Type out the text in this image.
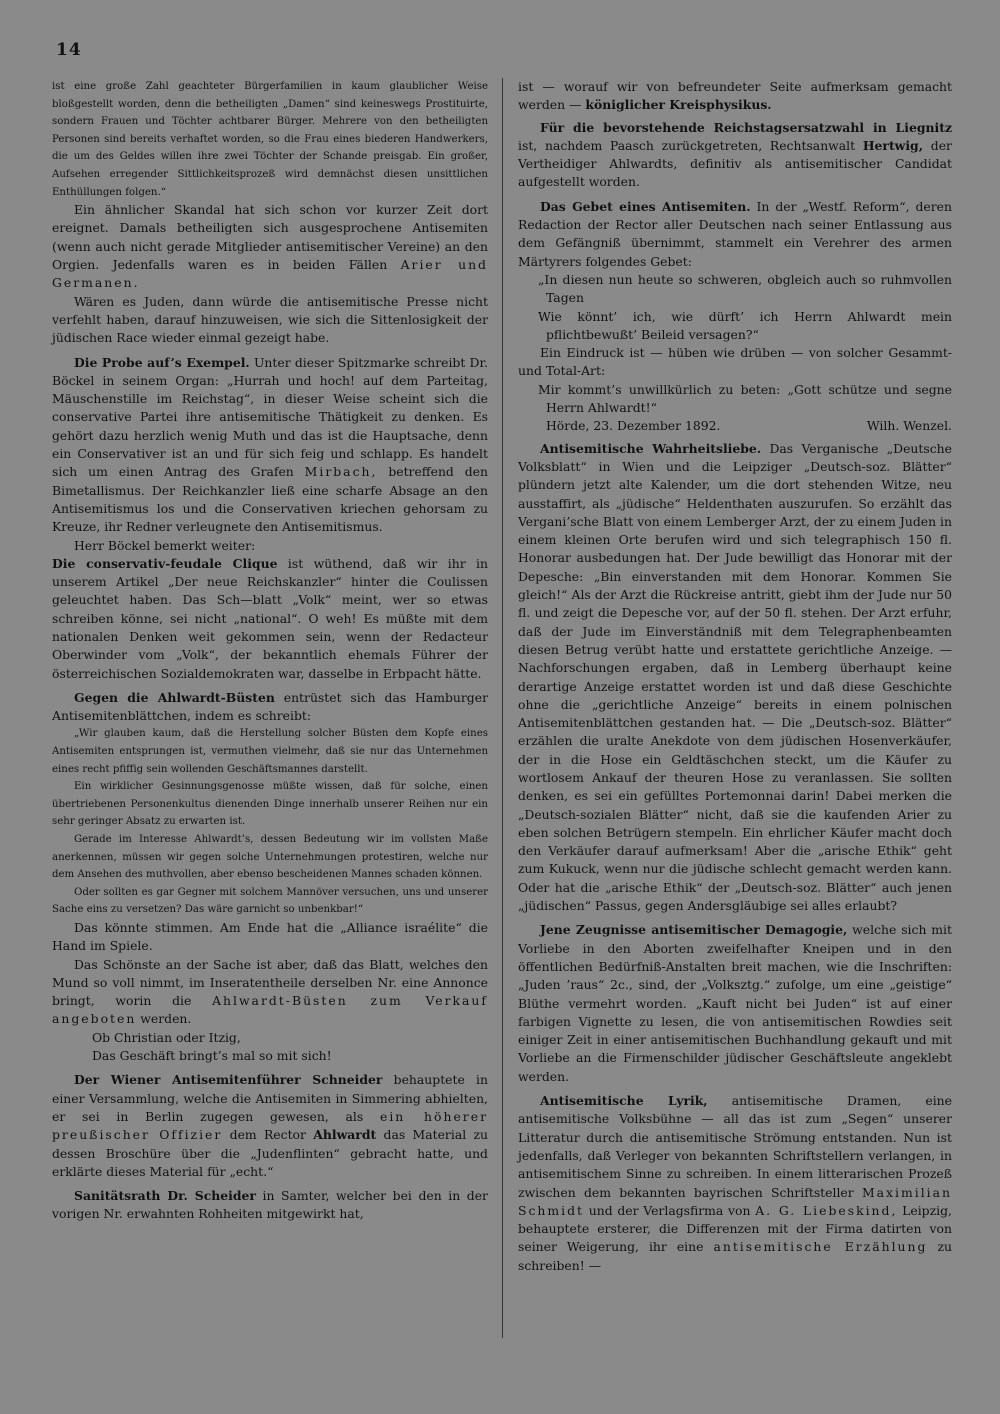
14

ist eine große Zahl geachteter Bürgerfamilien in kaum glaublicher Weise bloßgestellt worden, denn die betheiligten „Damen“ sind keineswegs Prostituirte, sondern Frauen und Töchter achtbarer Bürger. Mehrere von den betheiligten Personen sind bereits verhaftet worden, so die Frau eines biederen Handwerkers, die um des Geldes willen ihre zwei Töchter der Schande preisgab. Ein großer, Aufsehen erregender Sittlichkeitsprozeß wird demnächst diesen unsittlichen Enthüllungen folgen.“

Ein ähnlicher Skandal hat sich schon vor kurzer Zeit dort ereignet. Damals betheiligten sich ausgesprochene Antisemiten (wenn auch nicht gerade Mitglieder antisemitischer Vereine) an den Orgien. Jedenfalls waren es in beiden Fällen Arier und Germanen.

Wären es Juden, dann würde die antisemitische Presse nicht verfehlt haben, darauf hinzuweisen, wie sich die Sittenlosigkeit der jüdischen Race wieder einmal gezeigt habe.

Die Probe auf’s Exempel. Unter dieser Spitzmarke schreibt Dr. Böckel in seinem Organ: „Hurrah und hoch! auf dem Parteitag, Mäuschenstille im Reichstag“, in dieser Weise scheint sich die conservative Partei ihre antisemitische Thätigkeit zu denken. Es gehört dazu herzlich wenig Muth und das ist die Hauptsache, denn ein Conservativer ist an und für sich feig und schlapp. Es handelt sich um einen Antrag des Grafen Mirbach, betreffend den Bimetallismus. Der Reichkanzler ließ eine scharfe Absage an den Antisemitismus los und die Conservativen kriechen gehorsam zu Kreuze, ihr Redner verleugnete den Antisemitismus.

Herr Böckel bemerkt weiter:

Die conservativ-feudale Clique ist wüthend, daß wir ihr in unserem Artikel „Der neue Reichskanzler“ hinter die Coulissen geleuchtet haben. Das Sch—blatt „Volk“ meint, wer so etwas schreiben könne, sei nicht „national“. O weh! Es müßte mit dem nationalen Denken weit gekommen sein, wenn der Redacteur Oberwinder vom „Volk“, der bekanntlich ehemals Führer der österreichischen Sozialdemokraten war, dasselbe in Erbpacht hätte.

Gegen die Ahlwardt-Büsten entrüstet sich das Hamburger Antisemitenblättchen, indem es schreibt:

„Wir glauben kaum, daß die Herstellung solcher Büsten dem Kopfe eines Antisemiten entsprungen ist, vermuthen vielmehr, daß sie nur das Unternehmen eines recht pfiffig sein wollenden Geschäftsmannes darstellt.

Ein wirklicher Gesinnungsgenosse müßte wissen, daß für solche, einen übertriebenen Personenkultus dienenden Dinge innerhalb unserer Reihen nur ein sehr geringer Absatz zu erwarten ist.

Gerade im Interesse Ahlwardt’s, dessen Bedeutung wir im vollsten Maße anerkennen, müssen wir gegen solche Unternehmungen protestiren, welche nur dem Ansehen des muthvollen, aber ebenso bescheidenen Mannes schaden können.

Oder sollten es gar Gegner mit solchem Mannöver versuchen, uns und unserer Sache eins zu versetzen? Das wäre garnicht so unbenkbar!“

Das könnte stimmen. Am Ende hat die „Alliance israélite“ die Hand im Spiele.

Das Schönste an der Sache ist aber, daß das Blatt, welches den Mund so voll nimmt, im Inseratentheile derselben Nr. eine Annonce bringt, worin die Ahlwardt-Büsten zum Verkauf angeboten werden.

Ob Christian oder Itzig,

Das Geschäft bringt’s mal so mit sich!

Der Wiener Antisemitenführer Schneider behauptete in einer Versammlung, welche die Antisemiten in Simmering abhielten, er sei in Berlin zugegen gewesen, als ein höherer preußischer Offizier dem Rector Ahlwardt das Material zu dessen Broschüre über die „Judenflinten“ gebracht hatte, und erklärte dieses Material für „echt.“

Sanitätsrath Dr. Scheider in Samter, welcher bei den in der vorigen Nr. erwahnten Rohheiten mitgewirkt hat,

ist — worauf wir von befreundeter Seite aufmerksam gemacht werden — königlicher Kreisphysikus.

Für die bevorstehende Reichstagsersatzwahl in Liegnitz ist, nachdem Paasch zurückgetreten, Rechtsanwalt Hertwig, der Vertheidiger Ahlwardts, definitiv als antisemitischer Candidat aufgestellt worden.

Das Gebet eines Antisemiten. In der „Westf. Reform“, deren Redaction der Rector aller Deutschen nach seiner Entlassung aus dem Gefängniß übernimmt, stammelt ein Verehrer des armen Märtyrers folgendes Gebet:

„In diesen nun heute so schweren, obgleich auch so ruhmvollen Tagen

Wie könnt’ ich, wie dürft’ ich Herrn Ahlwardt mein pflichtbewußt’ Beileid versagen?“

Ein Eindruck ist — hüben wie drüben — von solcher Gesammt- und Total-Art:

Mir kommt’s unwillkürlich zu beten: „Gott schütze und segne Herrn Ahlwardt!“

Hörde, 23. Dezember 1892.	Wilh. Wenzel.

Antisemitische Wahrheitsliebe. Das Verganische „Deutsche Volksblatt“ in Wien und die Leipziger „Deutsch-soz. Blätter“ plündern jetzt alte Kalender, um die dort stehenden Witze, neu ausstaffirt, als „jüdische“ Heldenthaten auszurufen. So erzählt das Vergani’sche Blatt von einem Lemberger Arzt, der zu einem Juden in einem kleinen Orte berufen wird und sich telegraphisch 150 fl. Honorar ausbedungen hat. Der Jude bewilligt das Honorar mit der Depesche: „Bin einverstanden mit dem Honorar. Kommen Sie gleich!“ Als der Arzt die Rückreise antritt, giebt ihm der Jude nur 50 fl. und zeigt die Depesche vor, auf der 50 fl. stehen. Der Arzt erfuhr, daß der Jude im Einverständniß mit dem Telegraphenbeamten diesen Betrug verübt hatte und erstattete gerichtliche Anzeige. — Nachforschungen ergaben, daß in Lemberg überhaupt keine derartige Anzeige erstattet worden ist und daß diese Geschichte ohne die „gerichtliche Anzeige“ bereits in einem polnischen Antisemitenblättchen gestanden hat. — Die „Deutsch-soz. Blätter“ erzählen die uralte Anekdote von dem jüdischen Hosenverkäufer, der in die Hose ein Geldtäschchen steckt, um die Käufer zu wortlosem Ankauf der theuren Hose zu veranlassen. Sie sollten denken, es sei ein gefülltes Portemonnai darin! Dabei merken die „Deutsch-sozialen Blätter“ nicht, daß sie die kaufenden Arier zu eben solchen Betrügern stempeln. Ein ehrlicher Käufer macht doch den Verkäufer darauf aufmerksam! Aber die „arische Ethik“ geht zum Kukuck, wenn nur die jüdische schlecht gemacht werden kann. Oder hat die „arische Ethik“ der „Deutsch-soz. Blätter“ auch jenen „jüdischen“ Passus, gegen Andersgläubige sei alles erlaubt?

Jene Zeugnisse antisemitischer Demagogie, welche sich mit Vorliebe in den Aborten zweifelhafter Kneipen und in den öffentlichen Bedürfniß-Anstalten breit machen, wie die Inschriften: „Juden ’raus“ 2c., sind, der „Volksztg.“ zufolge, um eine „geistige“ Blüthe vermehrt worden. „Kauft nicht bei Juden“ ist auf einer farbigen Vignette zu lesen, die von antisemitischen Rowdies seit einiger Zeit in einer antisemitischen Buchhandlung gekauft und mit Vorliebe an die Firmenschilder jüdischer Geschäftsleute angeklebt werden.

Antisemitische Lyrik, antisemitische Dramen, eine antisemitische Volksbühne — all das ist zum „Segen“ unserer Litteratur durch die antisemitische Strömung entstanden. Nun ist jedenfalls, daß Verleger von bekannten Schriftstellern verlangen, in antisemitischem Sinne zu schreiben. In einem litterarischen Prozeß zwischen dem bekannten bayrischen Schriftsteller Maximilian Schmidt und der Verlagsfirma von A. G. Liebeskind, Leipzig, behauptete ersterer, die Differenzen mit der Firma datirten von seiner Weigerung, ihr eine antisemitische Erzählung zu schreiben! —
